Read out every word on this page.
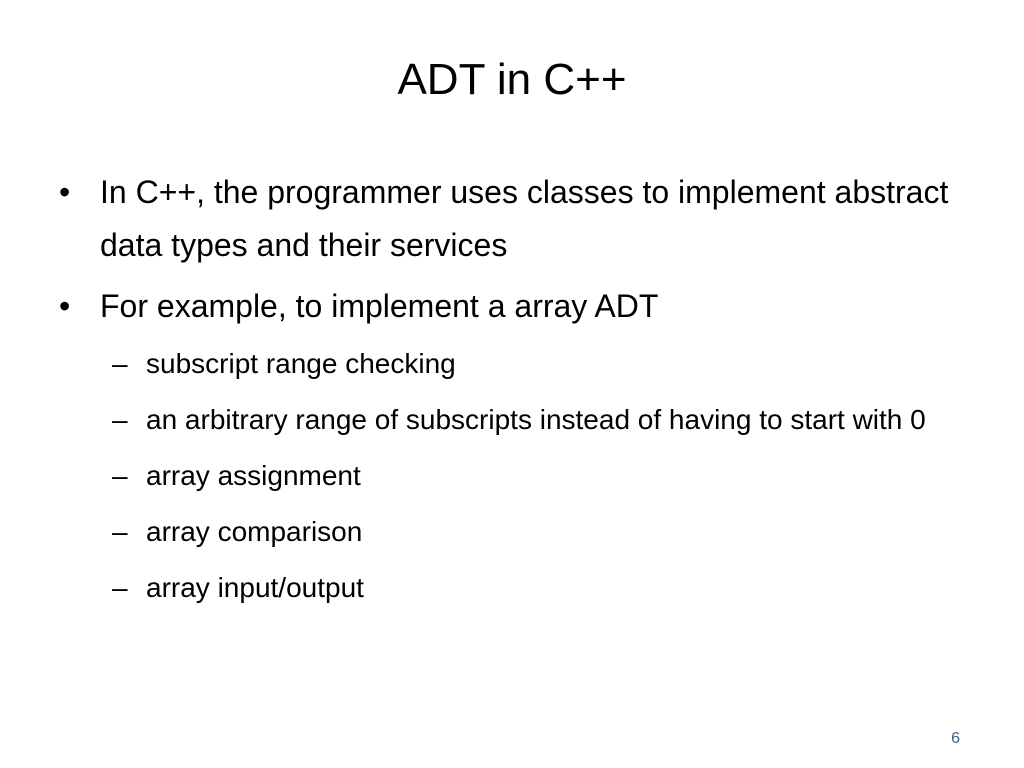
ADT in C++
• In C++, the programmer uses classes to implement abstract data types and their services
• For example, to implement a array ADT
– subscript range checking
– an arbitrary range of subscripts instead of having to start with 0
– array assignment
– array comparison
– array input/output
6
